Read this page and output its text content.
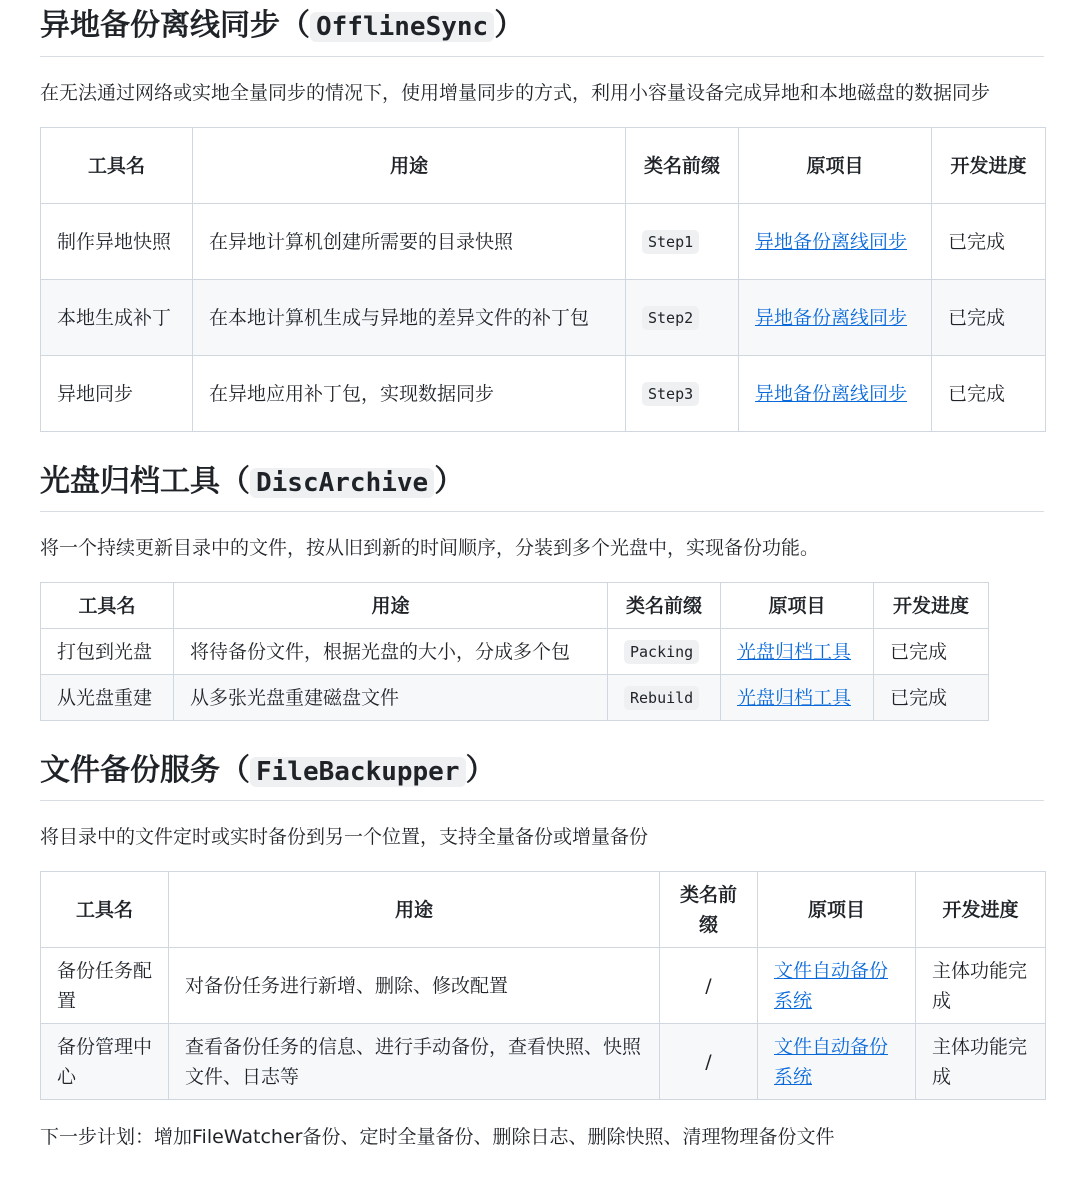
异地备份离线同步（ OfflineSync ）

在无法通过网络或实地全量同步的情况下，使用增量同步的方式，利用小容量设备完成异地和本地磁盘的数据同步

工具名	用途	类名前缀	原项目	开发进度
制作异地快照	在异地计算机创建所需要的目录快照	Step1	异地备份离线同步	已完成
本地生成补丁	在本地计算机生成与异地的差异文件的补丁包	Step2	异地备份离线同步	已完成
异地同步	在异地应用补丁包，实现数据同步	Step3	异地备份离线同步	已完成
光盘归档工具（ DiscArchive ）

将一个持续更新目录中的文件，按从旧到新的时间顺序，分装到多个光盘中，实现备份功能。

工具名	用途	类名前缀	原项目	开发进度
打包到光盘	将待备份文件，根据光盘的大小，分成多个包	Packing	光盘归档工具	已完成
从光盘重建	从多张光盘重建磁盘文件	Rebuild	光盘归档工具	已完成
文件备份服务（ FileBackupper ）

将目录中的文件定时或实时备份到另一个位置，支持全量备份或增量备份

工具名	用途	类名前缀	原项目	开发进度
备份任务配置	对备份任务进行新增、删除、修改配置	/	文件自动备份系统	主体功能完成
备份管理中心	查看备份任务的信息、进行手动备份，查看快照、快照文件、日志等	/	文件自动备份系统	主体功能完成

下一步计划：增加FileWatcher备份、定时全量备份、删除日志、删除快照、清理物理备份文件
